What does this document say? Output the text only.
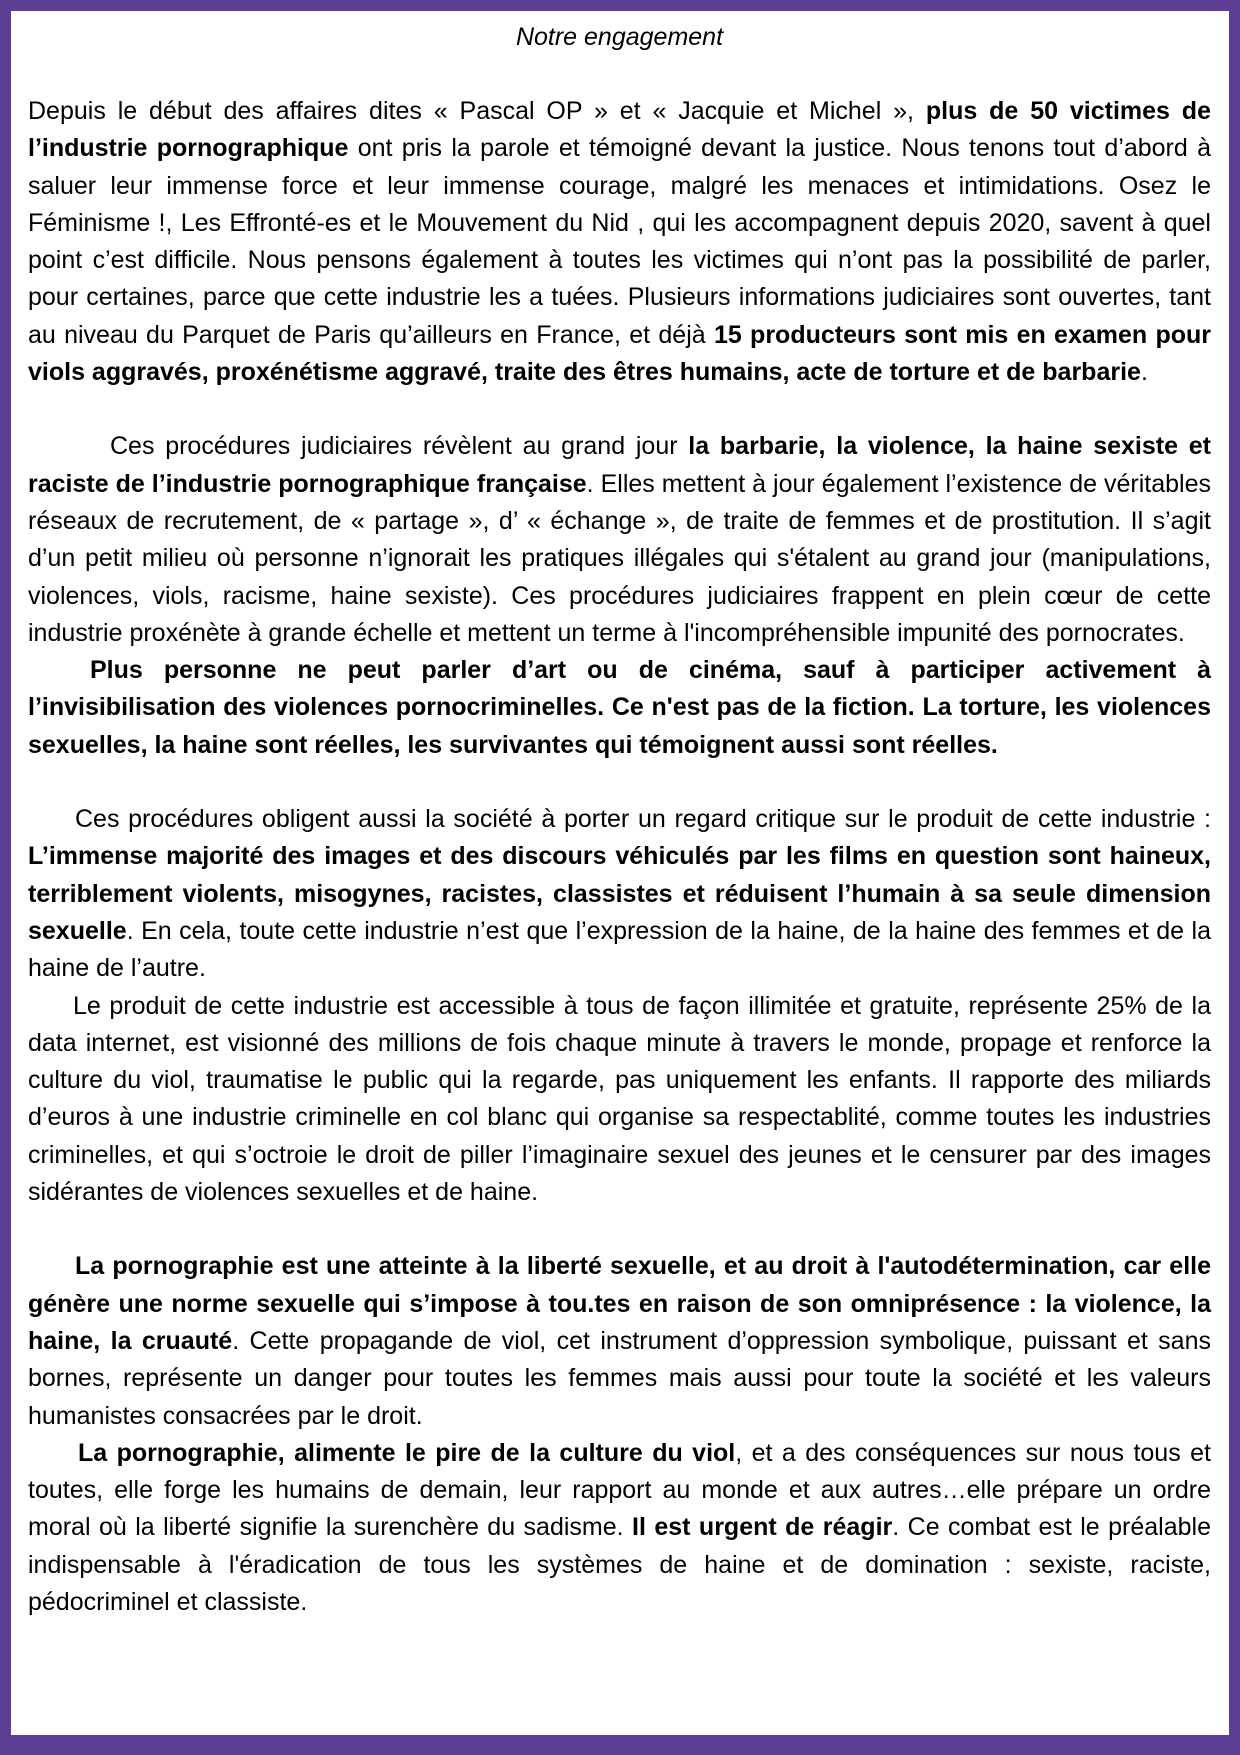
Notre engagement

Depuis le début des affaires dites « Pascal OP » et « Jacquie et Michel », plus de 50 victimes de l’industrie pornographique ont pris la parole et témoigné devant la justice. Nous tenons tout d’abord à saluer leur immense force et leur immense courage, malgré les menaces et intimidations. Osez le Féminisme !, Les Effronté-es et le Mouvement du Nid , qui les accompagnent depuis 2020, savent à quel point c’est difficile. Nous pensons également à toutes les victimes qui n’ont pas la possibilité de parler, pour certaines, parce que cette industrie les a tuées. Plusieurs informations judiciaires sont ouvertes, tant au niveau du Parquet de Paris qu’ailleurs en France, et déjà 15 producteurs sont mis en examen pour viols aggravés, proxénétisme aggravé, traite des êtres humains, acte de torture et de barbarie.

Ces procédures judiciaires révèlent au grand jour la barbarie, la violence, la haine sexiste et raciste de l’industrie pornographique française. Elles mettent à jour également l’existence de véritables réseaux de recrutement, de « partage », d’ « échange », de traite de femmes et de prostitution. Il s’agit d’un petit milieu où personne n’ignorait les pratiques illégales qui s'étalent au grand jour (manipulations, violences, viols, racisme, haine sexiste). Ces procédures judiciaires frappent en plein cœur de cette industrie proxénète à grande échelle et mettent un terme à l'incompréhensible impunité des pornocrates.

Plus personne ne peut parler d’art ou de cinéma, sauf à participer activement à l’invisibilisation des violences pornocriminelles. Ce n'est pas de la fiction. La torture, les violences sexuelles, la haine sont réelles, les survivantes qui témoignent aussi sont réelles.

Ces procédures obligent aussi la société à porter un regard critique sur le produit de cette industrie : L’immense majorité des images et des discours véhiculés par les films en question sont haineux, terriblement violents, misogynes, racistes, classistes et réduisent l’humain à sa seule dimension sexuelle. En cela, toute cette industrie n’est que l’expression de la haine, de la haine des femmes et de la haine de l’autre.

Le produit de cette industrie est accessible à tous de façon illimitée et gratuite, représente 25% de la data internet, est visionné des millions de fois chaque minute à travers le monde, propage et renforce la culture du viol, traumatise le public qui la regarde, pas uniquement les enfants. Il rapporte des miliards d’euros à une industrie criminelle en col blanc qui organise sa respectablité, comme toutes les industries criminelles, et qui s’octroie le droit de piller l’imaginaire sexuel des jeunes et le censurer par des images sidérantes de violences sexuelles et de haine.

La pornographie est une atteinte à la liberté sexuelle, et au droit à l'autodétermination, car elle génère une norme sexuelle qui s’impose à tou.tes en raison de son omniprésence : la violence, la haine, la cruauté. Cette propagande de viol, cet instrument d’oppression symbolique, puissant et sans bornes, représente un danger pour toutes les femmes mais aussi pour toute la société et les valeurs humanistes consacrées par le droit.

La pornographie, alimente le pire de la culture du viol, et a des conséquences sur nous tous et toutes, elle forge les humains de demain, leur rapport au monde et aux autres…elle prépare un ordre moral où la liberté signifie la surenchère du sadisme. Il est urgent de réagir. Ce combat est le préalable indispensable à l'éradication de tous les systèmes de haine et de domination : sexiste, raciste, pédocriminel et classiste.
